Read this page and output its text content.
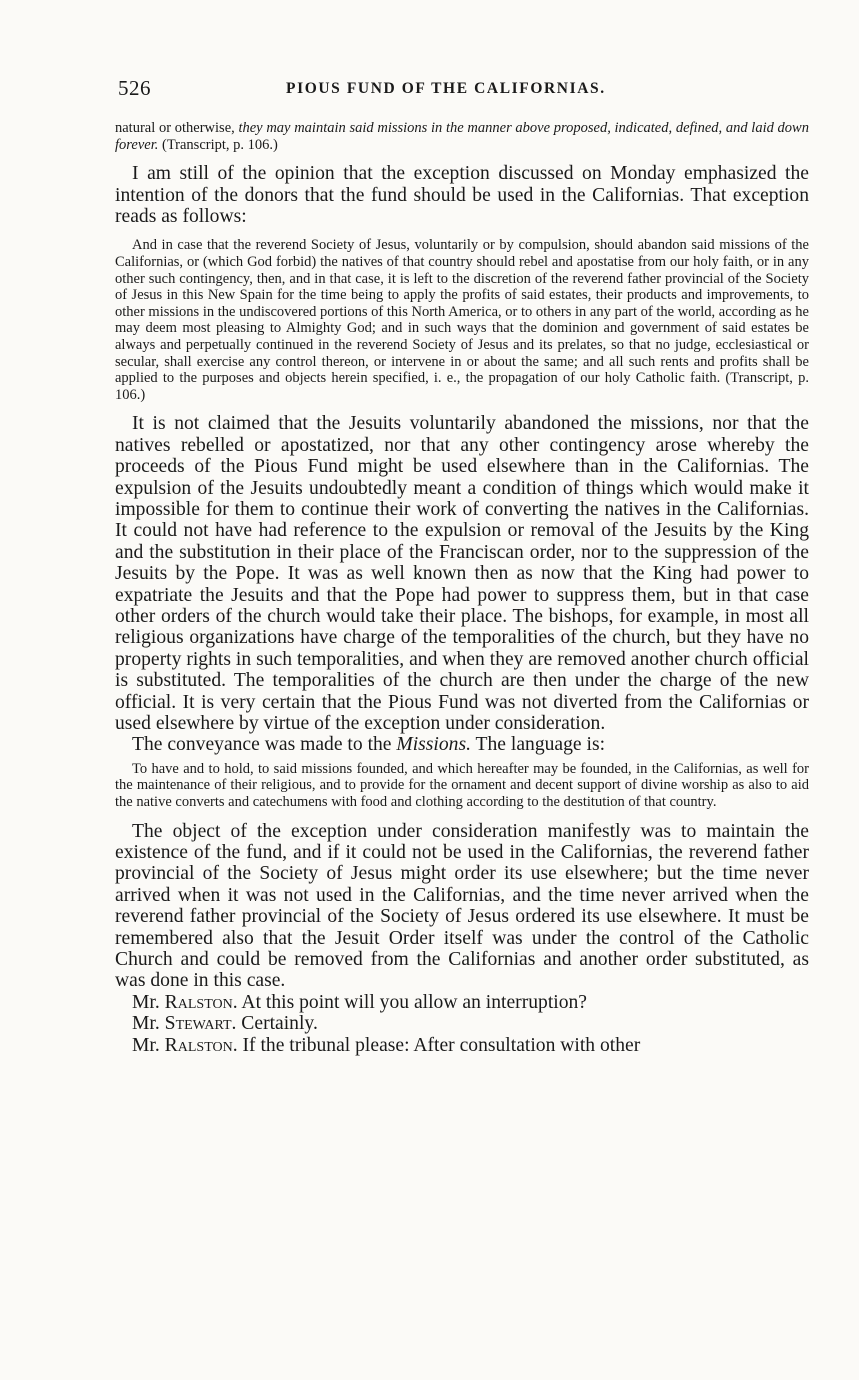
526	PIOUS FUND OF THE CALIFORNIAS.

natural or otherwise, they may maintain said missions in the manner above proposed, indicated, defined, and laid down forever. (Transcript, p. 106.)

I am still of the opinion that the exception discussed on Monday emphasized the intention of the donors that the fund should be used in the Californias. That exception reads as follows:

And in case that the reverend Society of Jesus, voluntarily or by compulsion, should abandon said missions of the Californias, or (which God forbid) the natives of that country should rebel and apostatise from our holy faith, or in any other such contingency, then, and in that case, it is left to the discretion of the reverend father provincial of the Society of Jesus in this New Spain for the time being to apply the profits of said estates, their products and improvements, to other missions in the undiscovered portions of this North America, or to others in any part of the world, according as he may deem most pleasing to Almighty God; and in such ways that the dominion and government of said estates be always and perpetually continued in the reverend Society of Jesus and its prelates, so that no judge, ecclesiastical or secular, shall exercise any control thereon, or intervene in or about the same; and all such rents and profits shall be applied to the purposes and objects herein specified, i. e., the propagation of our holy Catholic faith. (Transcript, p. 106.)

It is not claimed that the Jesuits voluntarily abandoned the missions, nor that the natives rebelled or apostatized, nor that any other contingency arose whereby the proceeds of the Pious Fund might be used elsewhere than in the Californias. The expulsion of the Jesuits undoubtedly meant a condition of things which would make it impossible for them to continue their work of converting the natives in the Californias. It could not have had reference to the expulsion or removal of the Jesuits by the King and the substitution in their place of the Franciscan order, nor to the suppression of the Jesuits by the Pope. It was as well known then as now that the King had power to expatriate the Jesuits and that the Pope had power to suppress them, but in that case other orders of the church would take their place. The bishops, for example, in most all religious organizations have charge of the temporalities of the church, but they have no property rights in such temporalities, and when they are removed another church official is substituted. The temporalities of the church are then under the charge of the new official. It is very certain that the Pious Fund was not diverted from the Californias or used elsewhere by virtue of the exception under consideration.

The conveyance was made to the Missions. The language is:

To have and to hold, to said missions founded, and which hereafter may be founded, in the Californias, as well for the maintenance of their religious, and to provide for the ornament and decent support of divine worship as also to aid the native converts and catechumens with food and clothing according to the destitution of that country.

The object of the exception under consideration manifestly was to maintain the existence of the fund, and if it could not be used in the Californias, the reverend father provincial of the Society of Jesus might order its use elsewhere; but the time never arrived when it was not used in the Californias, and the time never arrived when the reverend father provincial of the Society of Jesus ordered its use elsewhere. It must be remembered also that the Jesuit Order itself was under the control of the Catholic Church and could be removed from the Californias and another order substituted, as was done in this case.

Mr. Ralston. At this point will you allow an interruption?

Mr. Stewart. Certainly.

Mr. Ralston. If the tribunal please: After consultation with other
